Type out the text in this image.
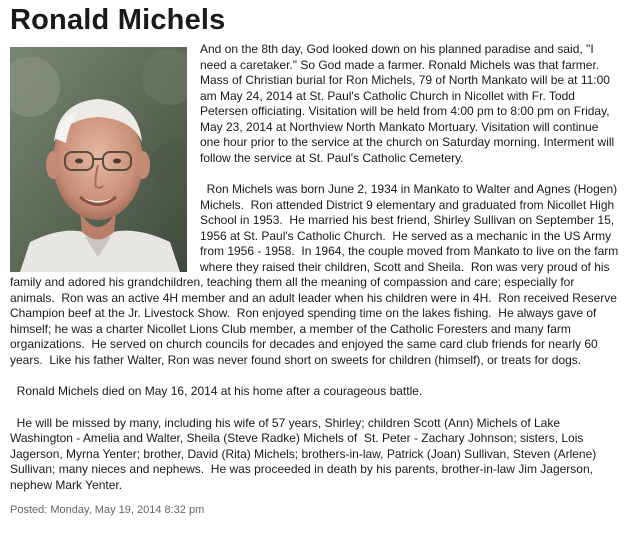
Ronald Michels

And on the 8th day, God looked down on his planned paradise and said, "I need a caretaker." So God made a farmer. Ronald Michels was that farmer. Mass of Christian burial for Ron Michels, 79 of North Mankato will be at 11:00 am May 24, 2014 at St. Paul's Catholic Church in Nicollet with Fr. Todd Petersen officiating. Visitation will be held from 4:00 pm to 8:00 pm on Friday, May 23, 2014 at Northview North Mankato Mortuary. Visitation will continue one hour prior to the service at the church on Saturday morning. Interment will follow the service at St. Paul's Catholic Cemetery.

Ron Michels was born June 2, 1934 in Mankato to Walter and Agnes (Hogen) Michels.  Ron attended District 9 elementary and graduated from Nicollet High School in 1953.  He married his best friend, Shirley Sullivan on September 15, 1956 at St. Paul's Catholic Church.  He served as a mechanic in the US Army from 1956 - 1958.  In 1964, the couple moved from Mankato to live on the farm where they raised their children, Scott and Sheila.  Ron was very proud of his family and adored his grandchildren, teaching them all the meaning of compassion and care; especially for animals.  Ron was an active 4H member and an adult leader when his children were in 4H.  Ron received Reserve Champion beef at the Jr. Livestock Show.  Ron enjoyed spending time on the lakes fishing.  He always gave of himself; he was a charter Nicollet Lions Club member, a member of the Catholic Foresters and many farm organizations.  He served on church councils for decades and enjoyed the same card club friends for nearly 60 years.  Like his father Walter, Ron was never found short on sweets for children (himself), or treats for dogs.

Ronald Michels died on May 16, 2014 at his home after a courageous battle.

He will be missed by many, including his wife of 57 years, Shirley; children Scott (Ann) Michels of Lake Washington - Amelia and Walter, Sheila (Steve Radke) Michels of  St. Peter - Zachary Johnson; sisters, Lois Jagerson, Myrna Yenter; brother, David (Rita) Michels; brothers-in-law, Patrick (Joan) Sullivan, Steven (Arlene) Sullivan; many nieces and nephews.  He was proceeded in death by his parents, brother-in-law Jim Jagerson, nephew Mark Yenter.

Posted: Monday, May 19, 2014 8:32 pm
